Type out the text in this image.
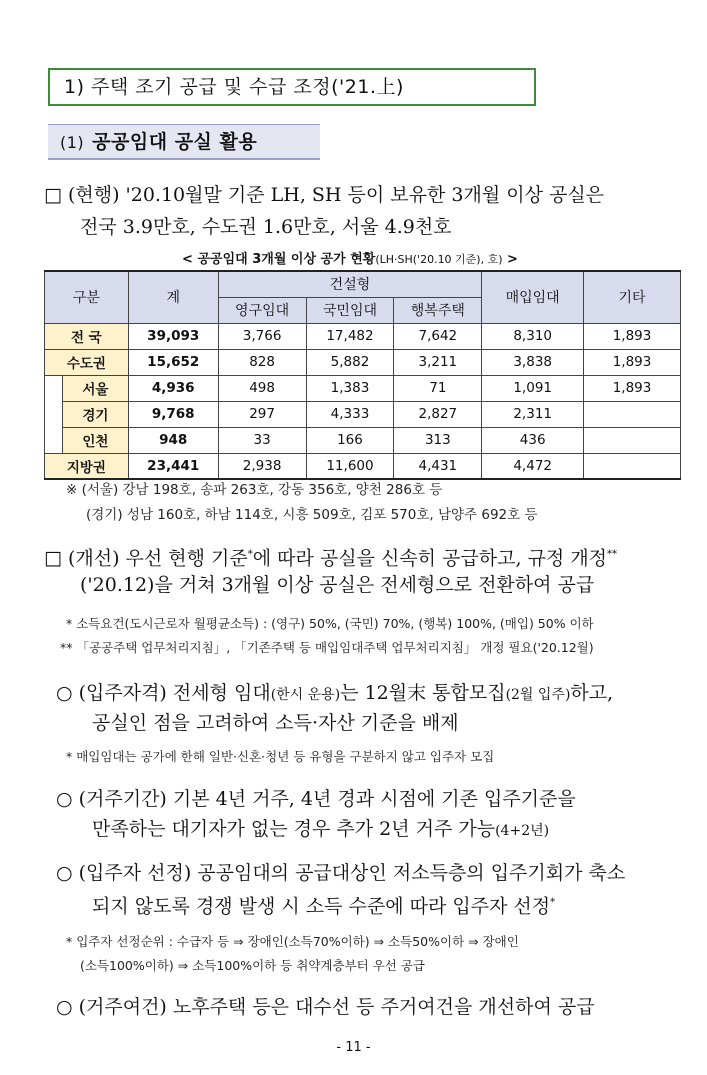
1) 주택 조기 공급 및 수급 조정('21.上)
(1) 공공임대 공실 활용
□ (현행) '20.10월말 기준 LH, SH 등이 보유한 3개월 이상 공실은
전국 3.9만호, 수도권 1.6만호, 서울 4.9천호
< 공공임대 3개월 이상 공가 현황(LH·SH('20.10 기준), 호) >
구분		계	건설형			매입임대	기타
			영구임대	국민임대	행복주택		
전 국		39,093	3,766	17,482	7,642	8,310	1,893
수도권		15,652	828	5,882	3,211	3,838	1,893
	서울	4,936	498	1,383	71	1,091	1,893
	경기	9,768	297	4,333	2,827	2,311	
	인천	948	33	166	313	436	
지방권		23,441	2,938	11,600	4,431	4,472	
※ (서울) 강남 198호, 송파 263호, 강동 356호, 양천 286호 등
(경기) 성남 160호, 하남 114호, 시흥 509호, 김포 570호, 남양주 692호 등
□ (개선) 우선 현행 기준*에 따라 공실을 신속히 공급하고, 규정 개정**
('20.12)을 거쳐 3개월 이상 공실은 전세형으로 전환하여 공급
* 소득요건(도시근로자 월평균소득) : (영구) 50%, (국민) 70%, (행복) 100%, (매입) 50% 이하
** 「공공주택 업무처리지침」, 「기존주택 등 매입임대주택 업무처리지침」 개정 필요('20.12월)
○ (입주자격) 전세형 임대(한시 운용)는 12월末 통합모집(2월 입주)하고,
공실인 점을 고려하여 소득·자산 기준을 배제
* 매입임대는 공가에 한해 일반·신혼·청년 등 유형을 구분하지 않고 입주자 모집
○ (거주기간) 기본 4년 거주, 4년 경과 시점에 기존 입주기준을
만족하는 대기자가 없는 경우 추가 2년 거주 가능(4+2년)
○ (입주자 선정) 공공임대의 공급대상인 저소득층의 입주기회가 축소
되지 않도록 경쟁 발생 시 소득 수준에 따라 입주자 선정*
* 입주자 선정순위 : 수급자 등 ⇒ 장애인(소득70%이하) ⇒ 소득50%이하 ⇒ 장애인
(소득100%이하) ⇒ 소득100%이하 등 취약계층부터 우선 공급
○ (거주여건) 노후주택 등은 대수선 등 주거여건을 개선하여 공급
- 11 -
